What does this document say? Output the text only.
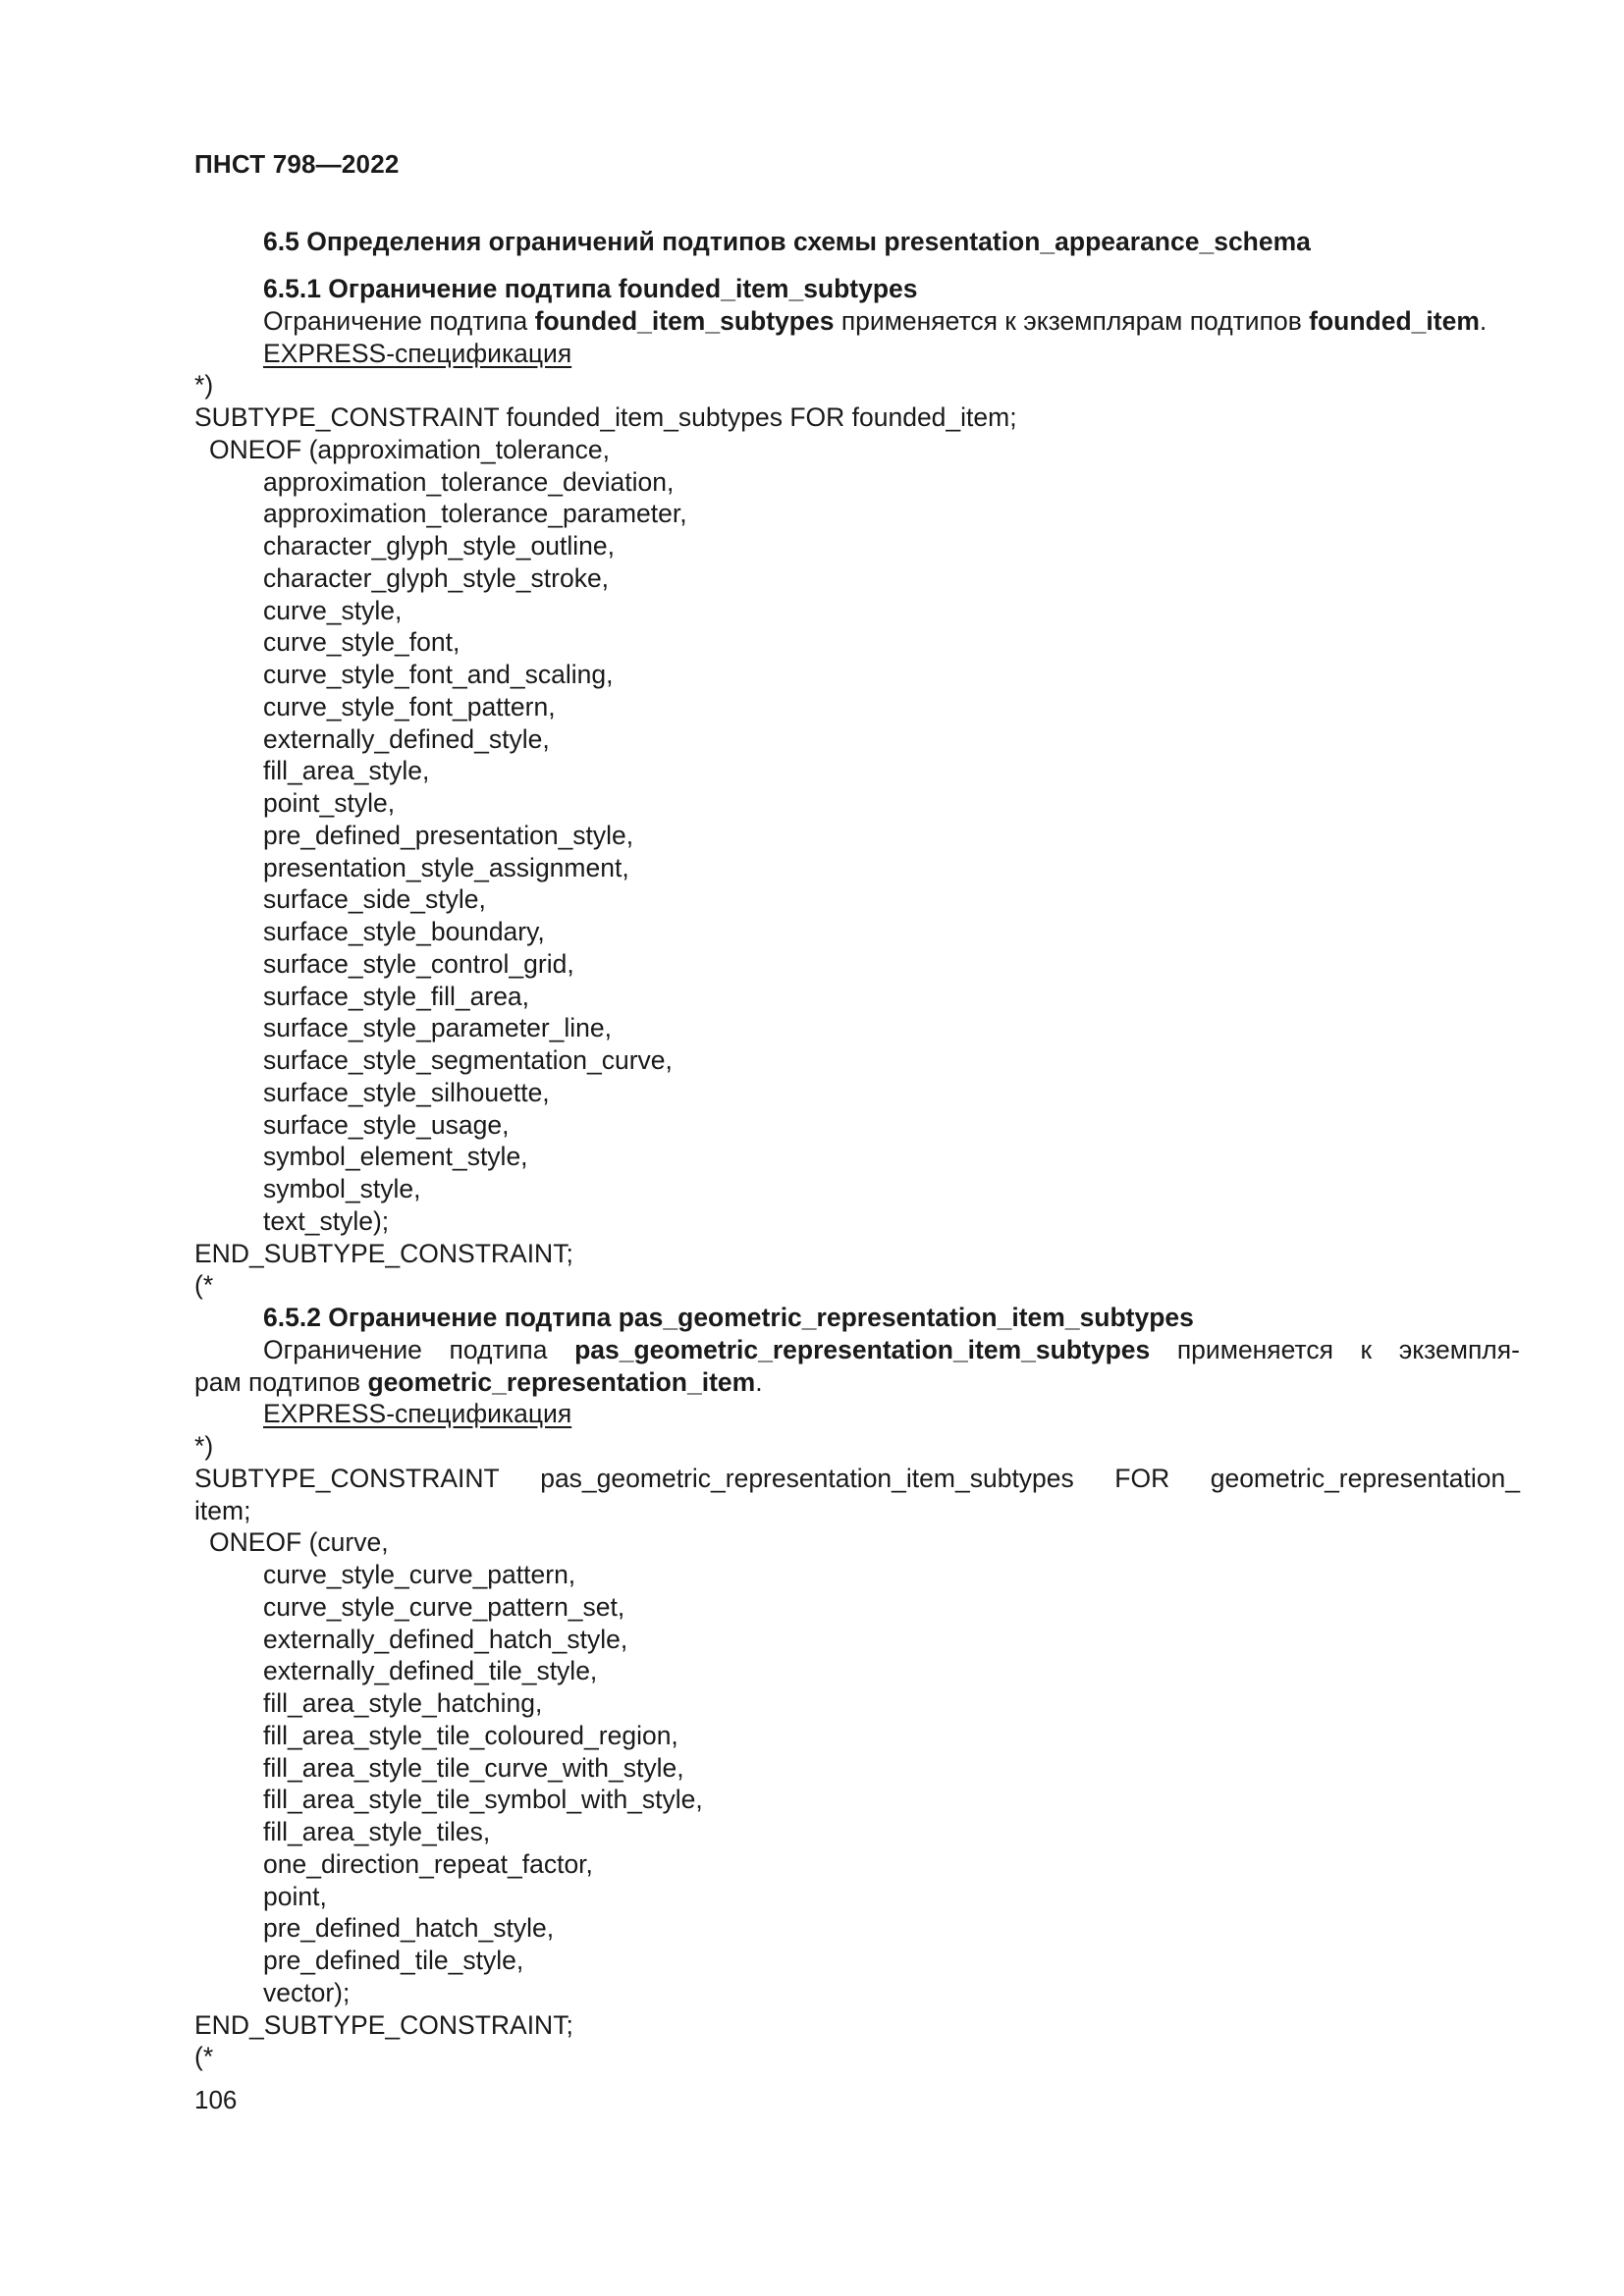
ПНСТ 798—2022
6.5 Определения ограничений подтипов схемы presentation_appearance_schema
6.5.1 Ограничение подтипа founded_item_subtypes
Ограничение подтипа founded_item_subtypes применяется к экземплярам подтипов founded_item.
EXPRESS-спецификация
*)
SUBTYPE_CONSTRAINT founded_item_subtypes FOR founded_item;
ONEOF (approximation_tolerance,
approximation_tolerance_deviation,
approximation_tolerance_parameter,
character_glyph_style_outline,
character_glyph_style_stroke,
curve_style,
curve_style_font,
curve_style_font_and_scaling,
curve_style_font_pattern,
externally_defined_style,
fill_area_style,
point_style,
pre_defined_presentation_style,
presentation_style_assignment,
surface_side_style,
surface_style_boundary,
surface_style_control_grid,
surface_style_fill_area,
surface_style_parameter_line,
surface_style_segmentation_curve,
surface_style_silhouette,
surface_style_usage,
symbol_element_style,
symbol_style,
text_style);
END_SUBTYPE_CONSTRAINT;
(*
6.5.2 Ограничение подтипа pas_geometric_representation_item_subtypes
Ограничение подтипа pas_geometric_representation_item_subtypes применяется к экземпля-
рам подтипов geometric_representation_item.
EXPRESS-спецификация
*)
SUBTYPE_CONSTRAINT pas_geometric_representation_item_subtypes FOR geometric_representation_
item;
ONEOF (curve,
curve_style_curve_pattern,
curve_style_curve_pattern_set,
externally_defined_hatch_style,
externally_defined_tile_style,
fill_area_style_hatching,
fill_area_style_tile_coloured_region,
fill_area_style_tile_curve_with_style,
fill_area_style_tile_symbol_with_style,
fill_area_style_tiles,
one_direction_repeat_factor,
point,
pre_defined_hatch_style,
pre_defined_tile_style,
vector);
END_SUBTYPE_CONSTRAINT;
(*
106
